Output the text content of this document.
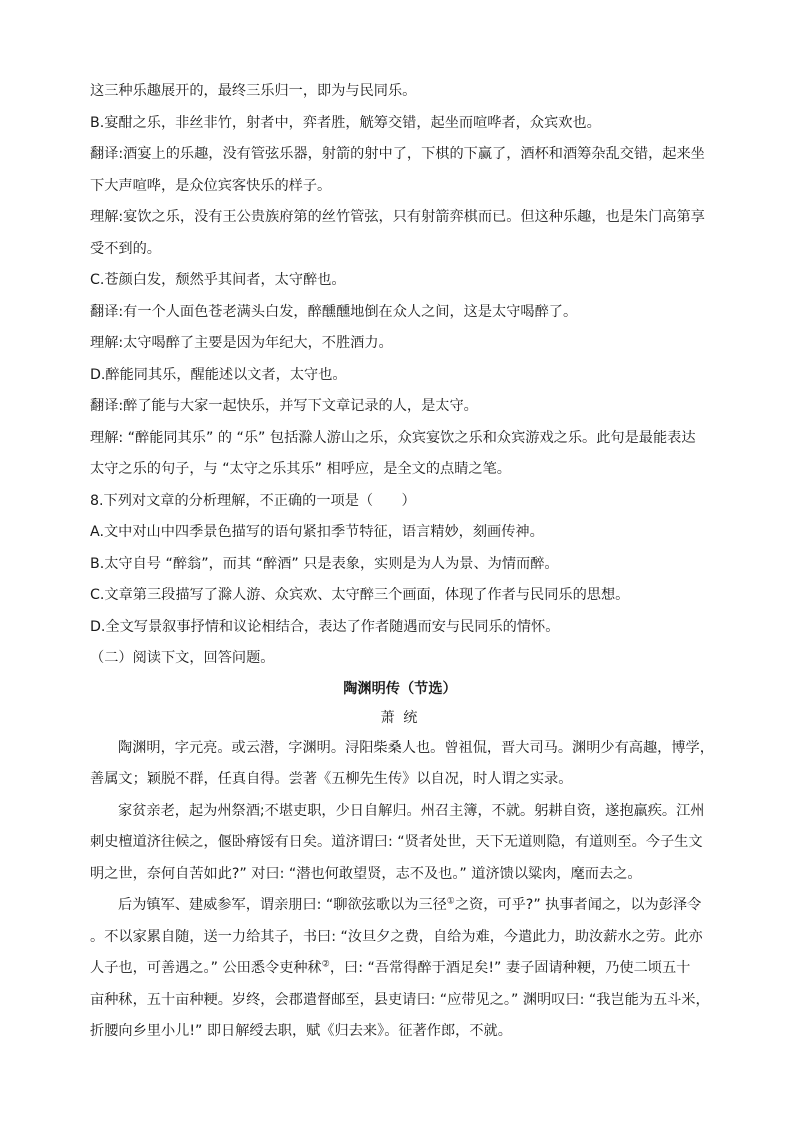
这三种乐趣展开的，最终三乐归一，即为与民同乐。

B.宴酣之乐，非丝非竹，射者中，弈者胜，觥筹交错，起坐而喧哗者，众宾欢也。

翻译:酒宴上的乐趣，没有管弦乐器，射箭的射中了，下棋的下赢了，酒杯和酒筹杂乱交错，起来坐

下大声喧哗，是众位宾客快乐的样子。

理解:宴饮之乐，没有王公贵族府第的丝竹管弦，只有射箭弈棋而已。但这种乐趣，也是朱门高第享

受不到的。

C.苍颜白发，颓然乎其间者，太守醉也。

翻译:有一个人面色苍老满头白发，醉醺醺地倒在众人之间，这是太守喝醉了。

理解:太守喝醉了主要是因为年纪大，不胜酒力。

D.醉能同其乐，醒能述以文者，太守也。

翻译:醉了能与大家一起快乐，并写下文章记录的人，是太守。

理解: “醉能同其乐” 的 “乐” 包括滁人游山之乐，众宾宴饮之乐和众宾游戏之乐。此句是最能表达

太守之乐的句子，与 “太守之乐其乐” 相呼应，是全文的点睛之笔。

8.下列对文章的分析理解，不正确的一项是（　　）

A.文中对山中四季景色描写的语句紧扣季节特征，语言精妙，刻画传神。

B.太守自号 “醉翁”，而其 “醉酒” 只是表象，实则是为人为景、为情而醉。

C.文章第三段描写了滁人游、众宾欢、太守醉三个画面，体现了作者与民同乐的思想。

D.全文写景叙事抒情和议论相结合，表达了作者随遇而安与民同乐的情怀。

（二）阅读下文，回答问题。

陶渊明传（节选）

萧 统

陶渊明，字元亮。或云潜，字渊明。浔阳柴桑人也。曾祖侃，晋大司马。渊明少有高趣，博学，

善属文；颖脱不群，任真自得。尝著《五柳先生传》以自况，时人谓之实录。

家贫亲老，起为州祭酒;不堪吏职，少日自解归。州召主簿，不就。躬耕自资，遂抱羸疾。江州

刺史檀道济往候之，偃卧瘠馁有日矣。道济谓曰: “贤者处世，天下无道则隐，有道则至。今子生文

明之世，奈何自苦如此?” 对曰: “潜也何敢望贤，志不及也。” 道济馈以粱肉，麾而去之。

后为镇军、建威参军，谓亲朋曰: “聊欲弦歌以为三径①之资，可乎?” 执事者闻之，以为彭泽令

。不以家累自随，送一力给其子，书曰: “汝旦夕之费，自给为难，今遣此力，助汝薪水之劳。此亦

人子也，可善遇之。” 公田悉令吏种秫②，曰: “吾常得醉于酒足矣!” 妻子固请种粳，乃使二顷五十

亩种秫，五十亩种粳。岁终，会郡遣督邮至，县吏请曰: “应带见之。” 渊明叹曰: “我岂能为五斗米，

折腰向乡里小儿!” 即日解绶去职，赋《归去来》。征著作郎，不就。
